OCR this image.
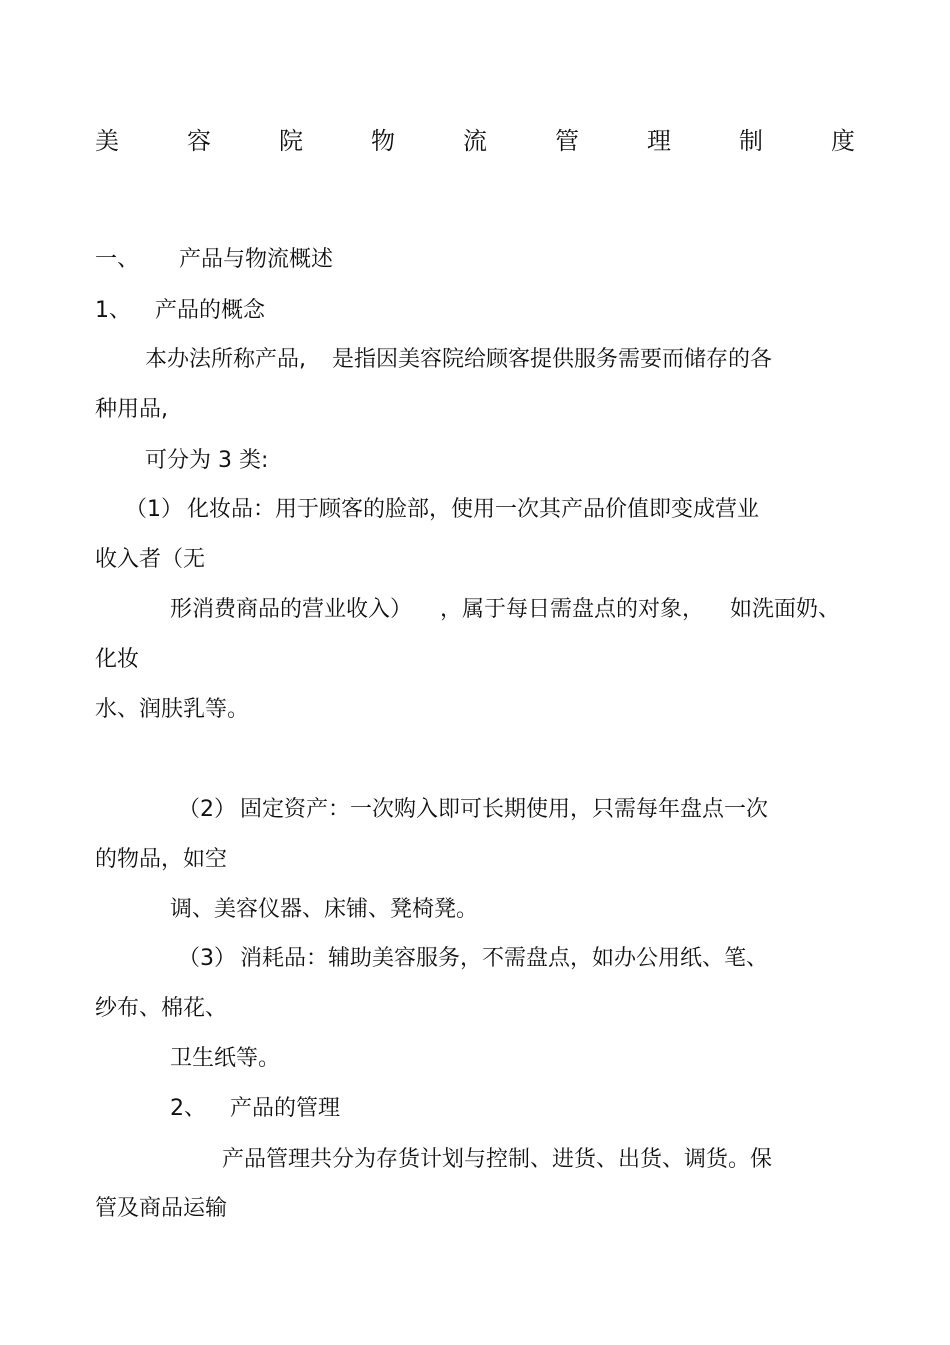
美	容	院	物	流	管	理	制	度
一、 产品与物流概述
1、 产品的概念
本办法所称产品, 是指因美容院给顾客提供服务需要而储存的各
种用品,
可分为 3 类:
（1） 化妆品：用于顾客的脸部，使用一次其产品价值即变成营业
收入者（无
形消费商品的营业收入） ，属于每日需盘点的对象， 如洗面奶、
化妆
水、润肤乳等。
（2） 固定资产：一次购入即可长期使用，只需每年盘点一次
的物品，如空
调、美容仪器、床铺、凳椅凳。
（3） 消耗品：辅助美容服务，不需盘点，如办公用纸、笔、
纱布、棉花、
卫生纸等。
2、 产品的管理
产品管理共分为存货计划与控制、进货、出货、调货。保
管及商品运输
